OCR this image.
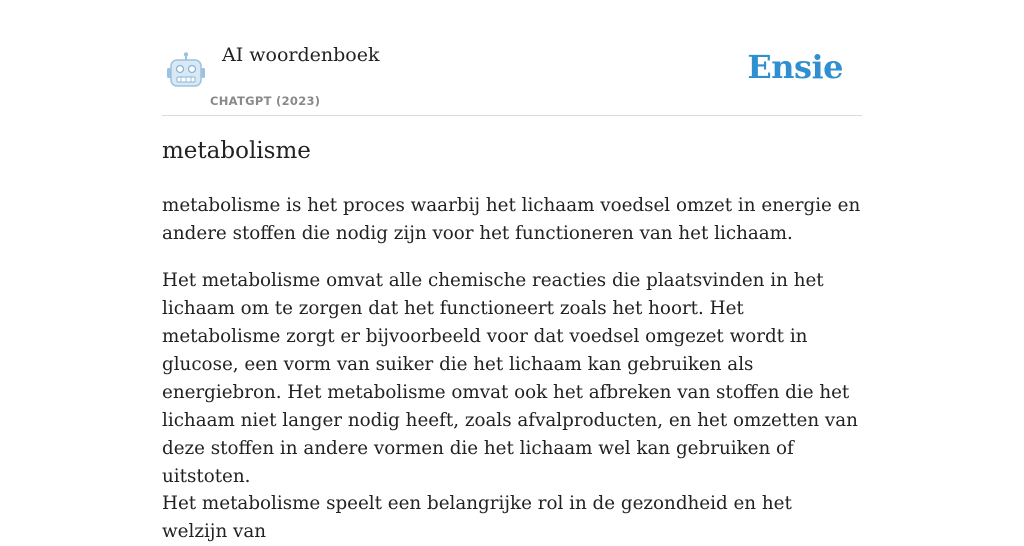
AI woordenboek
CHATGPT (2023)
Ensie
metabolisme

metabolisme is het proces waarbij het lichaam voedsel omzet in energie en andere stoffen die nodig zijn voor het functioneren van het lichaam.

Het metabolisme omvat alle chemische reacties die plaatsvinden in het lichaam om te zorgen dat het functioneert zoals het hoort. Het metabolisme zorgt er bijvoorbeeld voor dat voedsel omgezet wordt in glucose, een vorm van suiker die het lichaam kan gebruiken als energiebron. Het metabolisme omvat ook het afbreken van stoffen die het lichaam niet langer nodig heeft, zoals afvalproducten, en het omzetten van deze stoffen in andere vormen die het lichaam wel kan gebruiken of uitstoten.

Het metabolisme speelt een belangrijke rol in de gezondheid en het welzijn van
